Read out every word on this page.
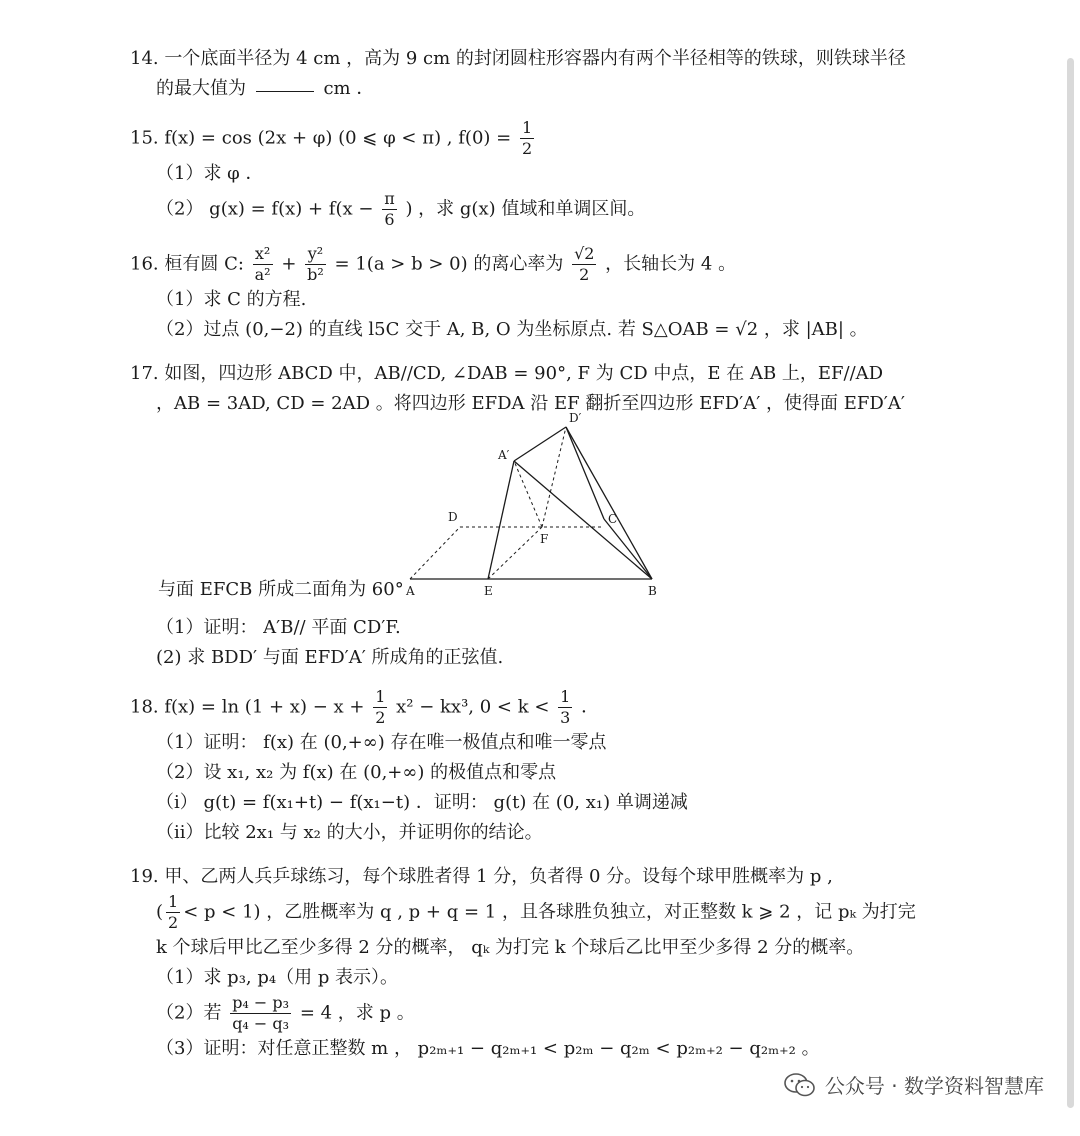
14. 一个底面半径为 4 cm ，高为 9 cm 的封闭圆柱形容器内有两个半径相等的铁球，则铁球半径
的最大值为	cm ．
15. f(x) = cos (2x + φ) (0 ⩽ φ < π) , $f(0) = \frac{1}{2}$
（1）求 φ ．
（2） $g(x) = f(x) + f(x - \frac{\pi}{6}$ ) ，求 g(x) 值域和单调区间。
16. 桓有圆 C: $\frac{\text{x²}}{\text{a²}} + \frac{\text{y²}}{\text{b²}} = 1(a > b > 0)$ 的离心率为 $\frac{√2}{2}$ ，长轴长为 4 。
（1）求 C 的方程.
（2）过点 (0,−2) 的直线 l5C 交于 A, B, O 为坐标原点. 若 S△OAB = √2 ，求 |AB| 。
17. 如图，四边形 ABCD 中，AB//CD, ∠DAB = 90°, F 为 CD 中点，E 在 AB 上，EF//AD
，AB = 3AD, CD = 2AD 。将四边形 EFDA 沿 EF 翻折至四边形 EFD′A′ ，使得面 EFD′A′
D′
A′
D	C
F
A	E	B
与面 EFCB 所成二面角为 60°
（1）证明： A′B// 平面 CD′F.
(2) 求 BDD′ 与面 EFD′A′ 所成角的正弦值.
18. $f(x) = \ln (1 + x) - x + \frac{1}{2} x^2 - kx^3$, $0 < k < \frac{1}{3}$ ．
（1）证明： f(x) 在 (0,+∞) 存在唯一极值点和唯一零点
（2）设 x₁, x₂ 为 f(x) 在 (0,+∞) 的极值点和零点
（i） g(t) = f(x₁+t) − f(x₁−t) ．证明： g(t) 在 (0, x₁) 单调递减
（ii）比较 2x₁ 与 x₂ 的大小，并证明你的结论。
19. 甲、乙两人兵乒球练习，每个球胜者得 1 分，负者得 0 分。设每个球甲胜概率为 p ,
( $\frac{1}{2} < p < 1$) ，乙胜概率为 q , p + q = 1 ，且各球胜负独立，对正整数 k ⩾ 2 ，记 pₖ 为打完
k 个球后甲比乙至少多得 2 分的概率， qₖ 为打完 k 个球后乙比甲至少多得 2 分的概率。
（1）求 p₃, p₄（用 p 表示）。
（2）若 $\frac{\text{p₄ − p₃}}{\text{q₄ − q₃}} = 4$ ，求 p 。
（3）证明：对任意正整数 m ， p₂ₘ₊₁ − q₂ₘ₊₁ < p₂ₘ − q₂ₘ < p₂ₘ₊₂ − q₂ₘ₊₂ 。
公众号 · 数学资料智慧库
